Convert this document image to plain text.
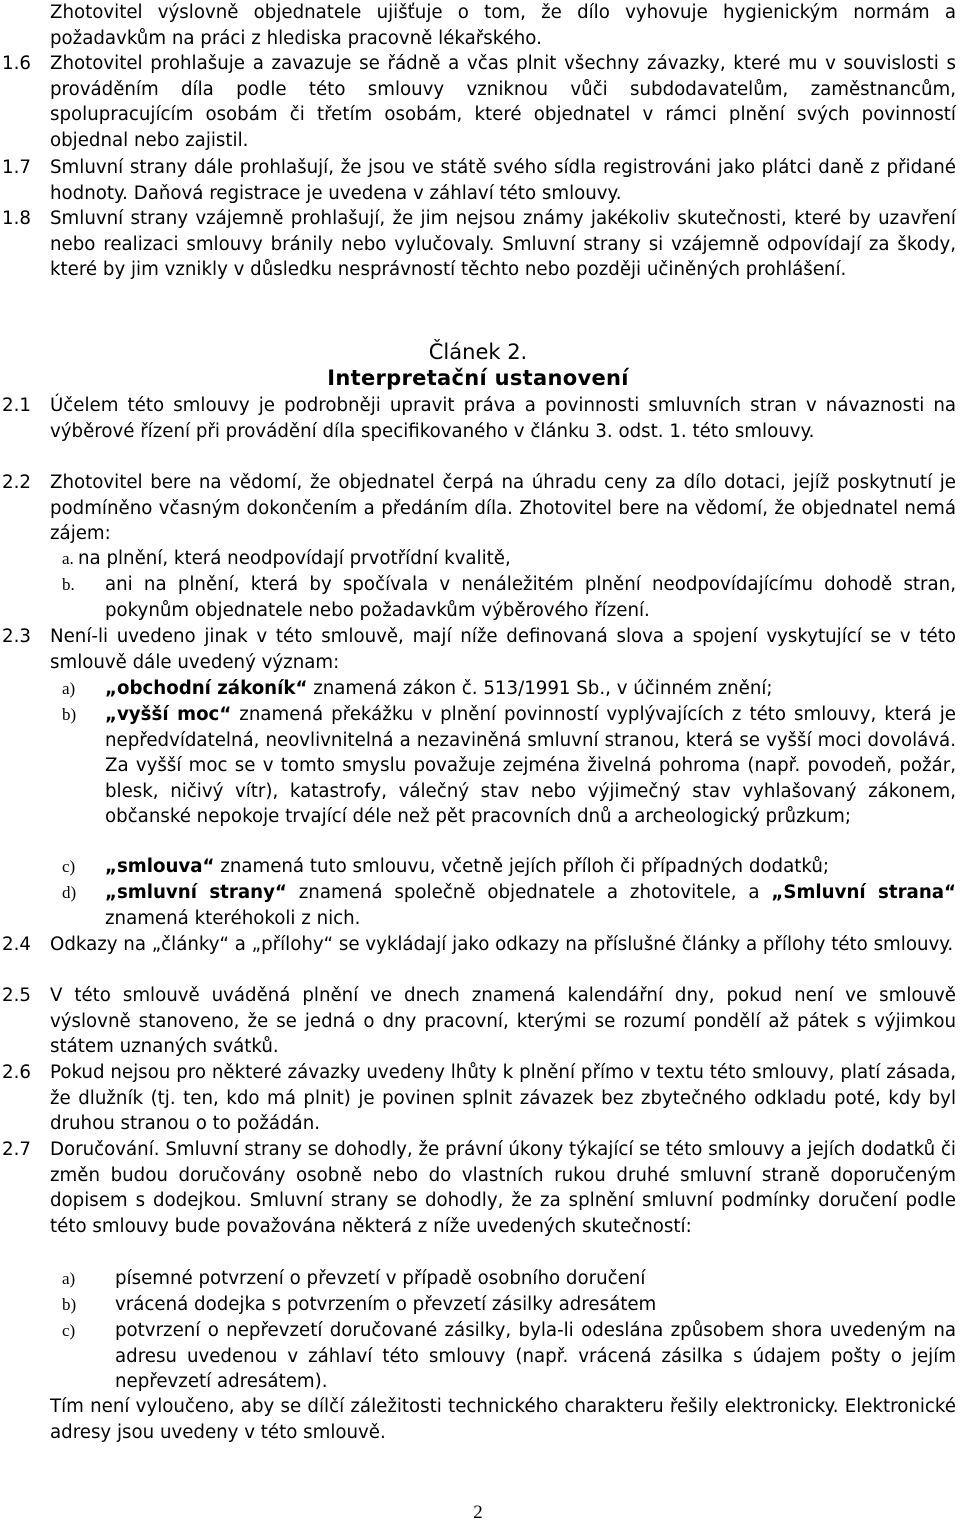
Zhotovitel výslovně objednatele ujišťuje o tom, že dílo vyhovuje hygienickým normám a požadavkům na práci z hlediska pracovně lékařského.

1.6 Zhotovitel prohlašuje a zavazuje se řádně a včas plnit všechny závazky, které mu v souvislosti s prováděním díla podle této smlouvy vzniknou vůči subdodavatelům, zaměstnancům, spolupracujícím osobám či třetím osobám, které objednatel v rámci plnění svých povinností objednal nebo zajistil.

1.7 Smluvní strany dále prohlašují, že jsou ve státě svého sídla registrováni jako plátci daně z přidané hodnoty. Daňová registrace je uvedena v záhlaví této smlouvy.

1.8 Smluvní strany vzájemně prohlašují, že jim nejsou známy jakékoliv skutečnosti, které by uzavření nebo realizaci smlouvy bránily nebo vylučovaly. Smluvní strany si vzájemně odpovídají za škody, které by jim vznikly v důsledku nesprávností těchto nebo později učiněných prohlášení.

Článek 2.
Interpretační ustanovení
2.1 Účelem této smlouvy je podrobněji upravit práva a povinnosti smluvních stran v návaznosti na výběrové řízení při provádění díla specifikovaného v článku 3. odst. 1. této smlouvy.

2.2 Zhotovitel bere na vědomí, že objednatel čerpá na úhradu ceny za dílo dotaci, jejíž poskytnutí je podmíněno včasným dokončením a předáním díla. Zhotovitel bere na vědomí, že objednatel nemá zájem:

a. na plnění, která neodpovídají prvotřídní kvalitě,
b. ani na plnění, která by spočívala v nenáležitém plnění neodpovídajícímu dohodě stran, pokynům objednatele nebo požadavkům výběrového řízení.

2.3 Není-li uvedeno jinak v této smlouvě, mají níže definovaná slova a spojení vyskytující se v této smlouvě dále uvedený význam:

a) „obchodní zákoník“ znamená zákon č. 513/1991 Sb., v účinném znění;

b) „vyšší moc“ znamená překážku v plnění povinností vyplývajících z této smlouvy, která je nepředvídatelná, neovlivnitelná a nezaviněná smluvní stranou, která se vyšší moci dovolává. Za vyšší moc se v tomto smyslu považuje zejména živelná pohroma (např. povodeň, požár, blesk, ničivý vítr), katastrofy, válečný stav nebo výjimečný stav vyhlašovaný zákonem, občanské nepokoje trvající déle než pět pracovních dnů a archeologický průzkum;

c) „smlouva“ znamená tuto smlouvu, včetně jejích příloh či případných dodatků;

d) „smluvní strany“ znamená společně objednatele a zhotovitele, a „Smluvní strana“ znamená kteréhokoli z nich.

2.4 Odkazy na „články“ a „přílohy“ se vykládají jako odkazy na příslušné články a přílohy této smlouvy.

2.5 V této smlouvě uváděná plnění ve dnech znamená kalendářní dny, pokud není ve smlouvě výslovně stanoveno, že se jedná o dny pracovní, kterými se rozumí pondělí až pátek s výjimkou státem uznaných svátků.

2.6 Pokud nejsou pro některé závazky uvedeny lhůty k plnění přímo v textu této smlouvy, platí zásada, že dlužník (tj. ten, kdo má plnit) je povinen splnit závazek bez zbytečného odkladu poté, kdy byl druhou stranou o to požádán.

2.7 Doručování. Smluvní strany se dohodly, že právní úkony týkající se této smlouvy a jejích dodatků či změn budou doručovány osobně nebo do vlastních rukou druhé smluvní straně doporučeným dopisem s dodejkou. Smluvní strany se dohodly, že za splnění smluvní podmínky doručení podle této smlouvy bude považována některá z níže uvedených skutečností:

a) písemné potvrzení o převzetí v případě osobního doručení

b) vrácená dodejka s potvrzením o převzetí zásilky adresátem

c) potvrzení o nepřevzetí doručované zásilky, byla-li odeslána způsobem shora uvedeným na adresu uvedenou v záhlaví této smlouvy (např. vrácená zásilka s údajem pošty o jejím nepřevzetí adresátem).

Tím není vyloučeno, aby se dílčí záležitosti technického charakteru řešily elektronicky. Elektronické adresy jsou uvedeny v této smlouvě.

2
